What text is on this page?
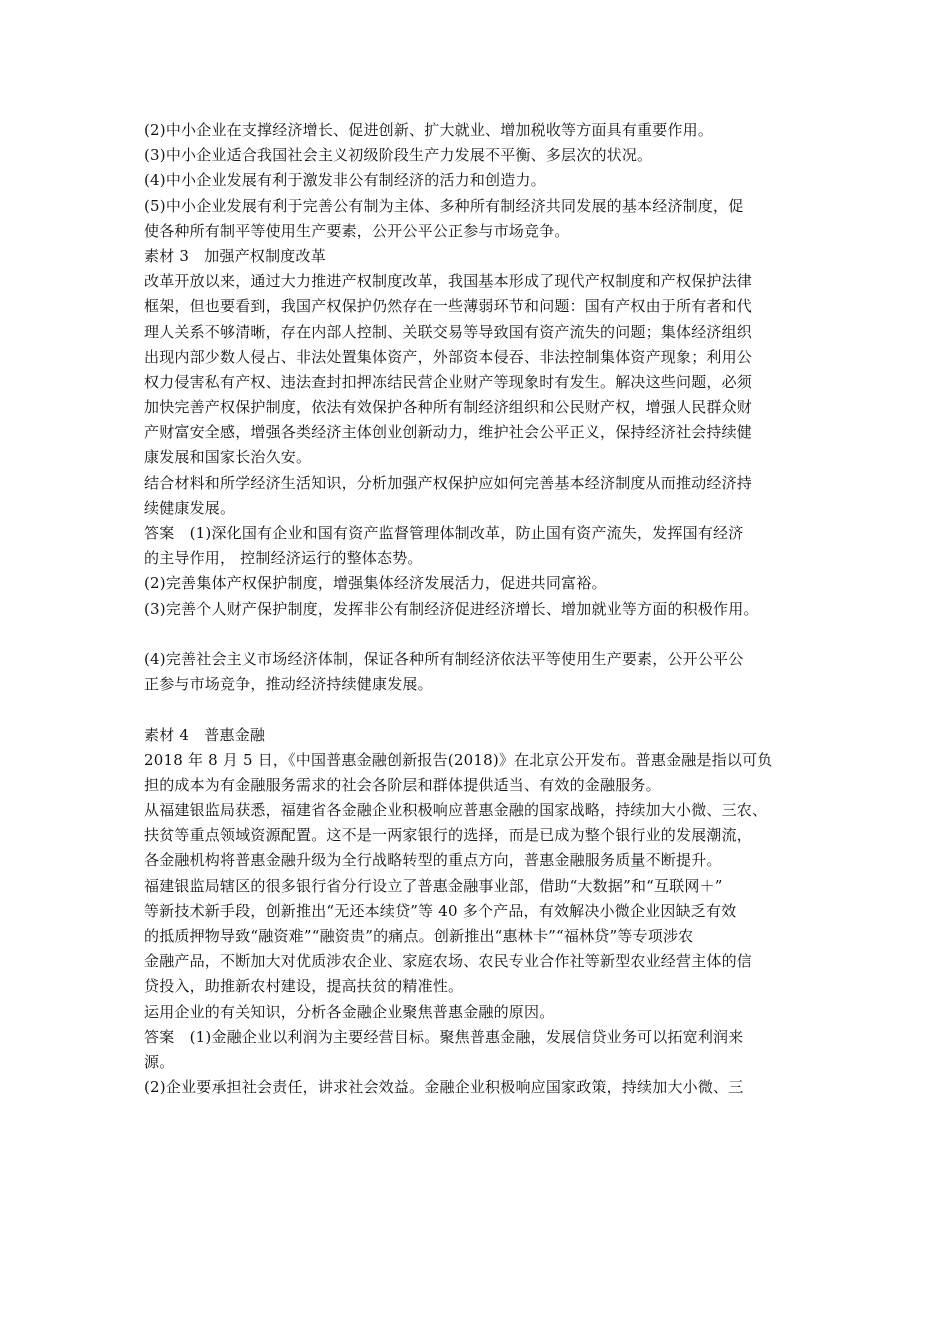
(2)中小企业在支撑经济增长、促进创新、扩大就业、增加税收等方面具有重要作用。
(3)中小企业适合我国社会主义初级阶段生产力发展不平衡、多层次的状况。
(4)中小企业发展有利于激发非公有制经济的活力和创造力。
(5)中小企业发展有利于完善公有制为主体、多种所有制经济共同发展的基本经济制度，促
使各种所有制平等使用生产要素，公开公平公正参与市场竞争。
素材 3　加强产权制度改革
改革开放以来，通过大力推进产权制度改革，我国基本形成了现代产权制度和产权保护法律
框架，但也要看到，我国产权保护仍然存在一些薄弱环节和问题：国有产权由于所有者和代
理人关系不够清晰，存在内部人控制、关联交易等导致国有资产流失的问题；集体经济组织
出现内部少数人侵占、非法处置集体资产，外部资本侵吞、非法控制集体资产现象；利用公
权力侵害私有产权、违法查封扣押冻结民营企业财产等现象时有发生。解决这些问题，必须
加快完善产权保护制度，依法有效保护各种所有制经济组织和公民财产权，增强人民群众财
产财富安全感，增强各类经济主体创业创新动力，维护社会公平正义，保持经济社会持续健
康发展和国家长治久安。
结合材料和所学经济生活知识，分析加强产权保护应如何完善基本经济制度从而推动经济持
续健康发展。
答案　(1)深化国有企业和国有资产监督管理体制改革，防止国有资产流失，发挥国有经济
的主导作用， 控制经济运行的整体态势。
(2)完善集体产权保护制度，增强集体经济发展活力，促进共同富裕。
(3)完善个人财产保护制度，发挥非公有制经济促进经济增长、增加就业等方面的积极作用。
(4)完善社会主义市场经济体制，保证各种所有制经济依法平等使用生产要素，公开公平公
正参与市场竞争，推动经济持续健康发展。
素材 4　普惠金融
2018 年 8 月 5 日，《中国普惠金融创新报告(2018)》在北京公开发布。普惠金融是指以可负
担的成本为有金融服务需求的社会各阶层和群体提供适当、有效的金融服务。
从福建银监局获悉，福建省各金融企业积极响应普惠金融的国家战略，持续加大小微、三农、
扶贫等重点领域资源配置。这不是一两家银行的选择，而是已成为整个银行业的发展潮流，
各金融机构将普惠金融升级为全行战略转型的重点方向，普惠金融服务质量不断提升。
福建银监局辖区的很多银行省分行设立了普惠金融事业部，借助“大数据”和“互联网＋”
等新技术新手段，创新推出“无还本续贷”等 40 多个产品，有效解决小微企业因缺乏有效
的抵质押物导致“融资难”“融资贵”的痛点。创新推出“惠林卡”“福林贷”等专项涉农
金融产品，不断加大对优质涉农企业、家庭农场、农民专业合作社等新型农业经营主体的信
贷投入，助推新农村建设，提高扶贫的精准性。
运用企业的有关知识，分析各金融企业聚焦普惠金融的原因。
答案　(1)金融企业以利润为主要经营目标。聚焦普惠金融，发展信贷业务可以拓宽利润来
源。
(2)企业要承担社会责任，讲求社会效益。金融企业积极响应国家政策，持续加大小微、三
